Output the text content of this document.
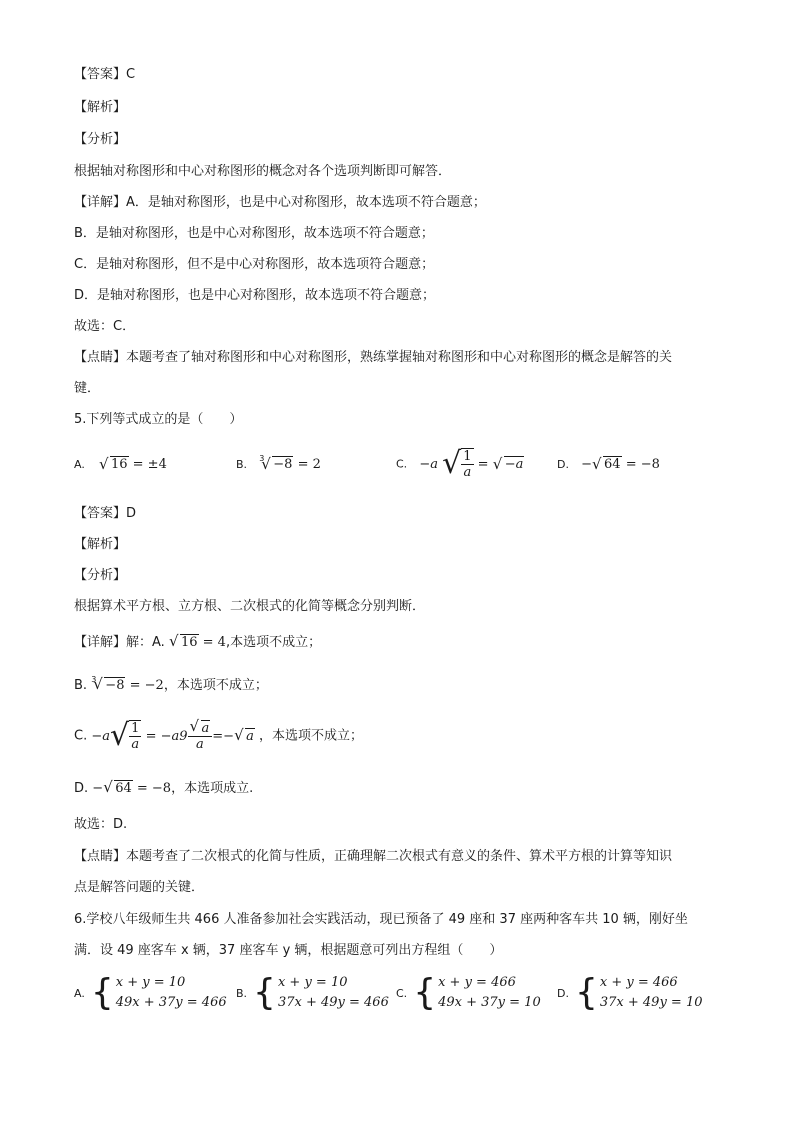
【答案】C
【解析】
【分析】
根据轴对称图形和中心对称图形的概念对各个选项判断即可解答．
【详解】A．是轴对称图形，也是中心对称图形，故本选项不符合题意；
B．是轴对称图形，也是中心对称图形，故本选项不符合题意；
C．是轴对称图形，但不是中心对称图形，故本选项符合题意；
D．是轴对称图形，也是中心对称图形，故本选项不符合题意；
故选：C．
【点睛】本题考查了轴对称图形和中心对称图形，熟练掌握轴对称图形和中心对称图形的概念是解答的关
键．
5.下列等式成立的是（　　）
A. √ 16 = ±4	B. $^3$ √ −8 = 2	C. −a √ $\frac{1}{a}$ = √ −a	D. − √ 64 = −8
【答案】D
【解析】
【分析】
根据算术平方根、立方根、二次根式的化简等概念分别判断．
【详解】解：A. √ 16 = 4,本选项不成立；
B. $^3$ √ −8 = −2，本选项不成立；
C. −a √ $\frac{1}{a} = -a9$ √ $\frac{a}{a}$ =− √ a ，本选项不成立；
D. − √ 64 = −8，本选项成立.
故选：D.
【点睛】本题考查了二次根式的化简与性质，正确理解二次根式有意义的条件、算术平方根的计算等知识
点是解答问题的关键．
6.学校八年级师生共 466 人准备参加社会实践活动，现已预备了 49 座和 37 座两种客车共 10 辆，刚好坐
满．设 49 座客车 x 辆，37 座客车 y 辆，根据题意可列出方程组（　　）
A. { x + y = 10
49x + 37y = 466
B. { x + y = 10
37x + 49y = 466
C. { x + y = 466
49x + 37y = 10
D. { x + y = 466
37x + 49y = 10
